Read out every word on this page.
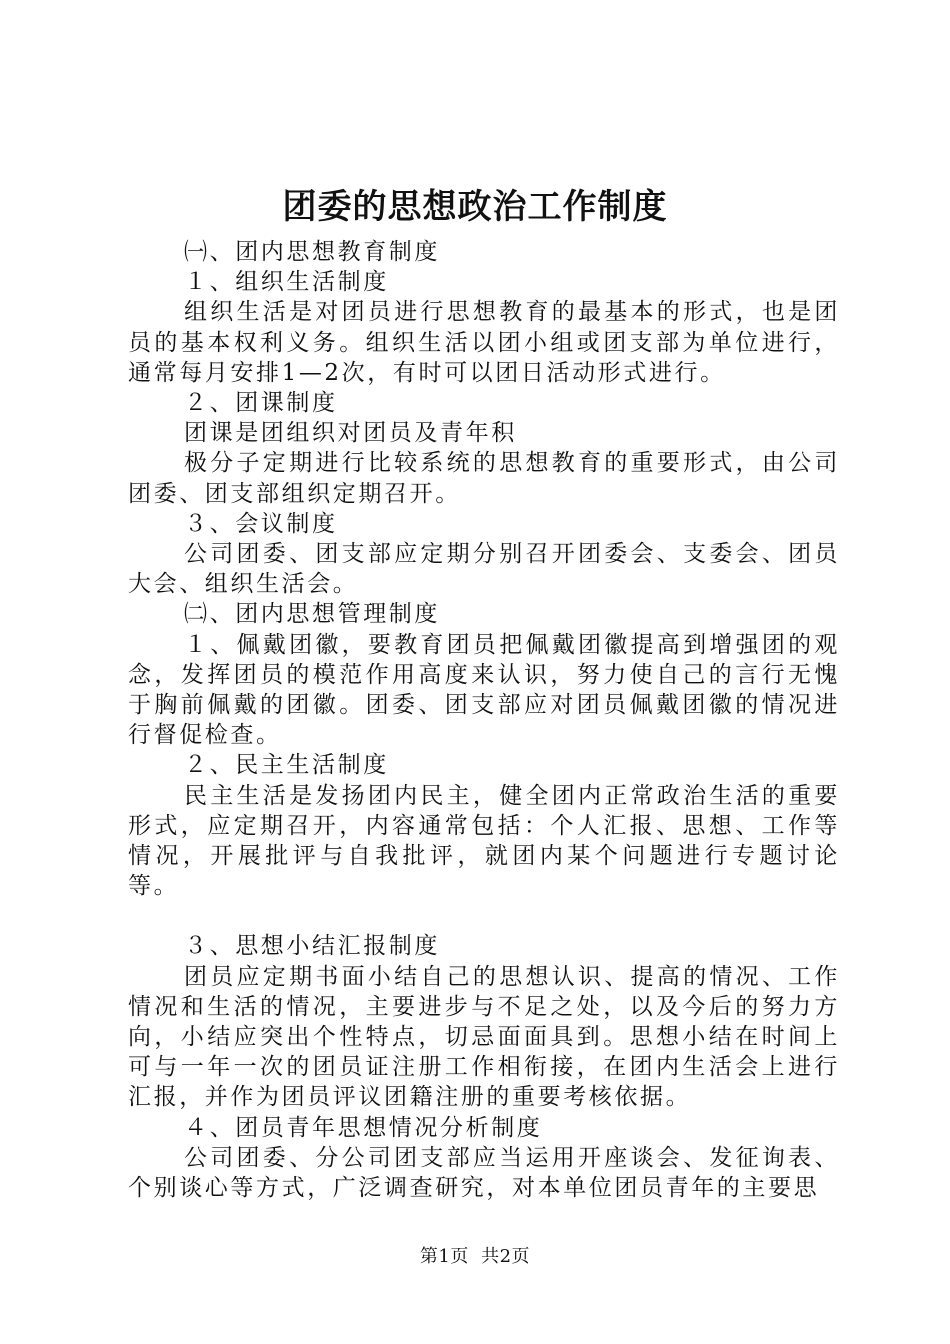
团委的思想政治工作制度

㈠、团内思想教育制度

１、组织生活制度

组织生活是对团员进行思想教育的最基本的形式，也是团员的基本权利义务。组织生活以团小组或团支部为单位进行，通常每月安排1—2次，有时可以团日活动形式进行。

２、团课制度

团课是团组织对团员及青年积

极分子定期进行比较系统的思想教育的重要形式，由公司团委、团支部组织定期召开。

３、会议制度

公司团委、团支部应定期分别召开团委会、支委会、团员大会、组织生活会。

㈡、团内思想管理制度

１、佩戴团徽，要教育团员把佩戴团徽提高到增强团的观念，发挥团员的模范作用高度来认识，努力使自己的言行无愧于胸前佩戴的团徽。团委、团支部应对团员佩戴团徽的情况进行督促检查。

２、民主生活制度

民主生活是发扬团内民主，健全团内正常政治生活的重要形式，应定期召开，内容通常包括：个人汇报、思想、工作等情况，开展批评与自我批评，就团内某个问题进行专题讨论等。

３、思想小结汇报制度

团员应定期书面小结自己的思想认识、提高的情况、工作情况和生活的情况，主要进步与不足之处，以及今后的努力方向，小结应突出个性特点，切忌面面具到。思想小结在时间上可与一年一次的团员证注册工作相衔接，在团内生活会上进行汇报，并作为团员评议团籍注册的重要考核依据。

４、团员青年思想情况分析制度

公司团委、分公司团支部应当运用开座谈会、发征询表、个别谈心等方式，广泛调查研究，对本单位团员青年的主要思

第1页 共2页
